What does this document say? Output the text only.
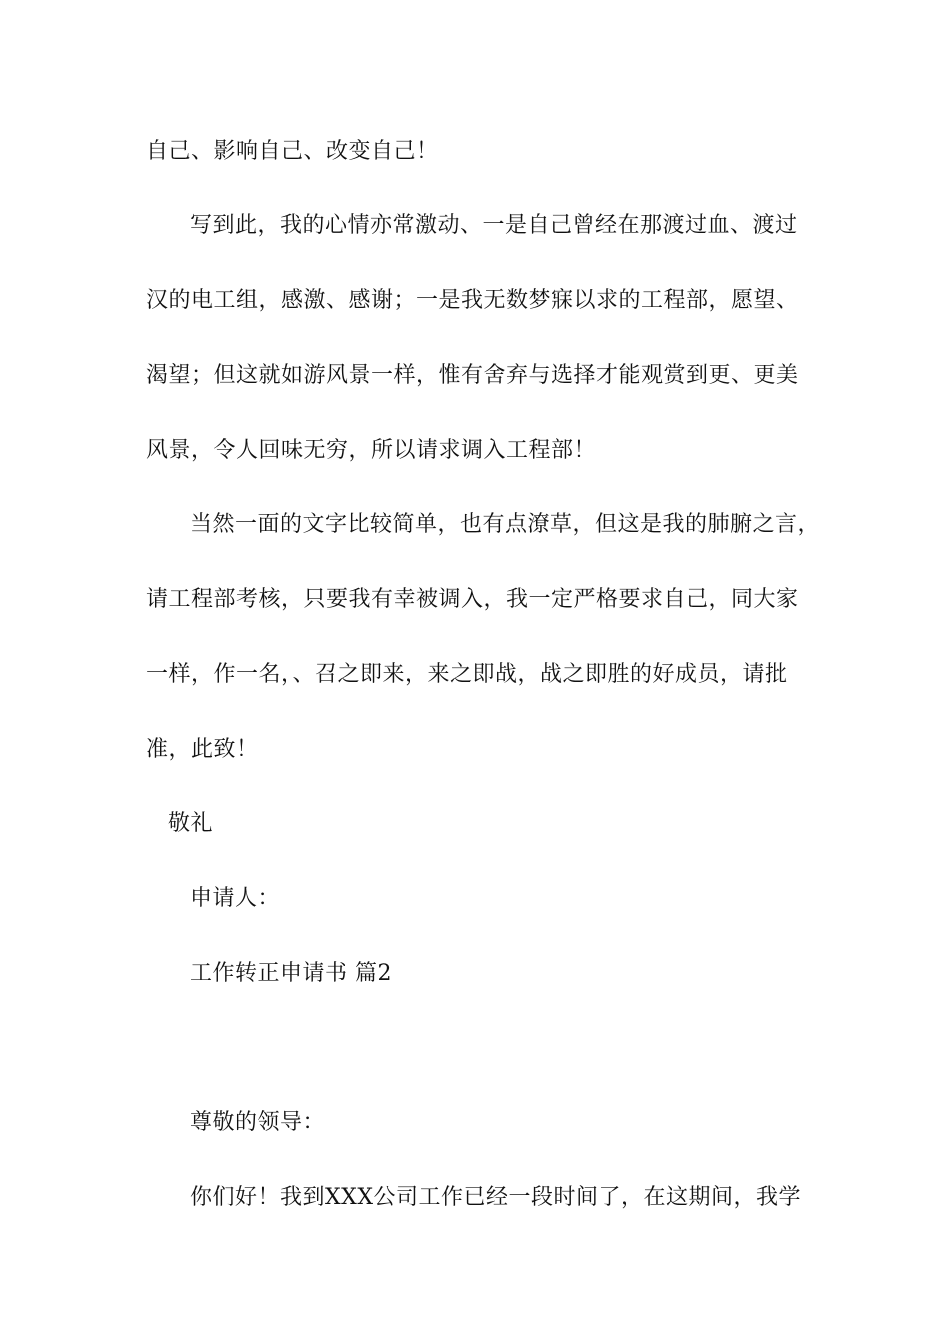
自己、影响自己、改变自己！
写到此，我的心情亦常激动、一是自己曾经在那渡过血、渡过
汉的电工组，感激、感谢；一是我无数梦寐以求的工程部，愿望、
渴望；但这就如游风景一样，惟有舍弃与选择才能观赏到更、更美
风景，令人回味无穷，所以请求调入工程部！
当然一面的文字比较简单，也有点潦草，但这是我的肺腑之言，
请工程部考核，只要我有幸被调入，我一定严格要求自己，同大家
一样，作一名，、召之即来，来之即战，战之即胜的好成员，请批
准，此致！
敬礼
申请人：
工作转正申请书 篇2
尊敬的领导：
你们好！我到XXX公司工作已经一段时间了，在这期间，我学
